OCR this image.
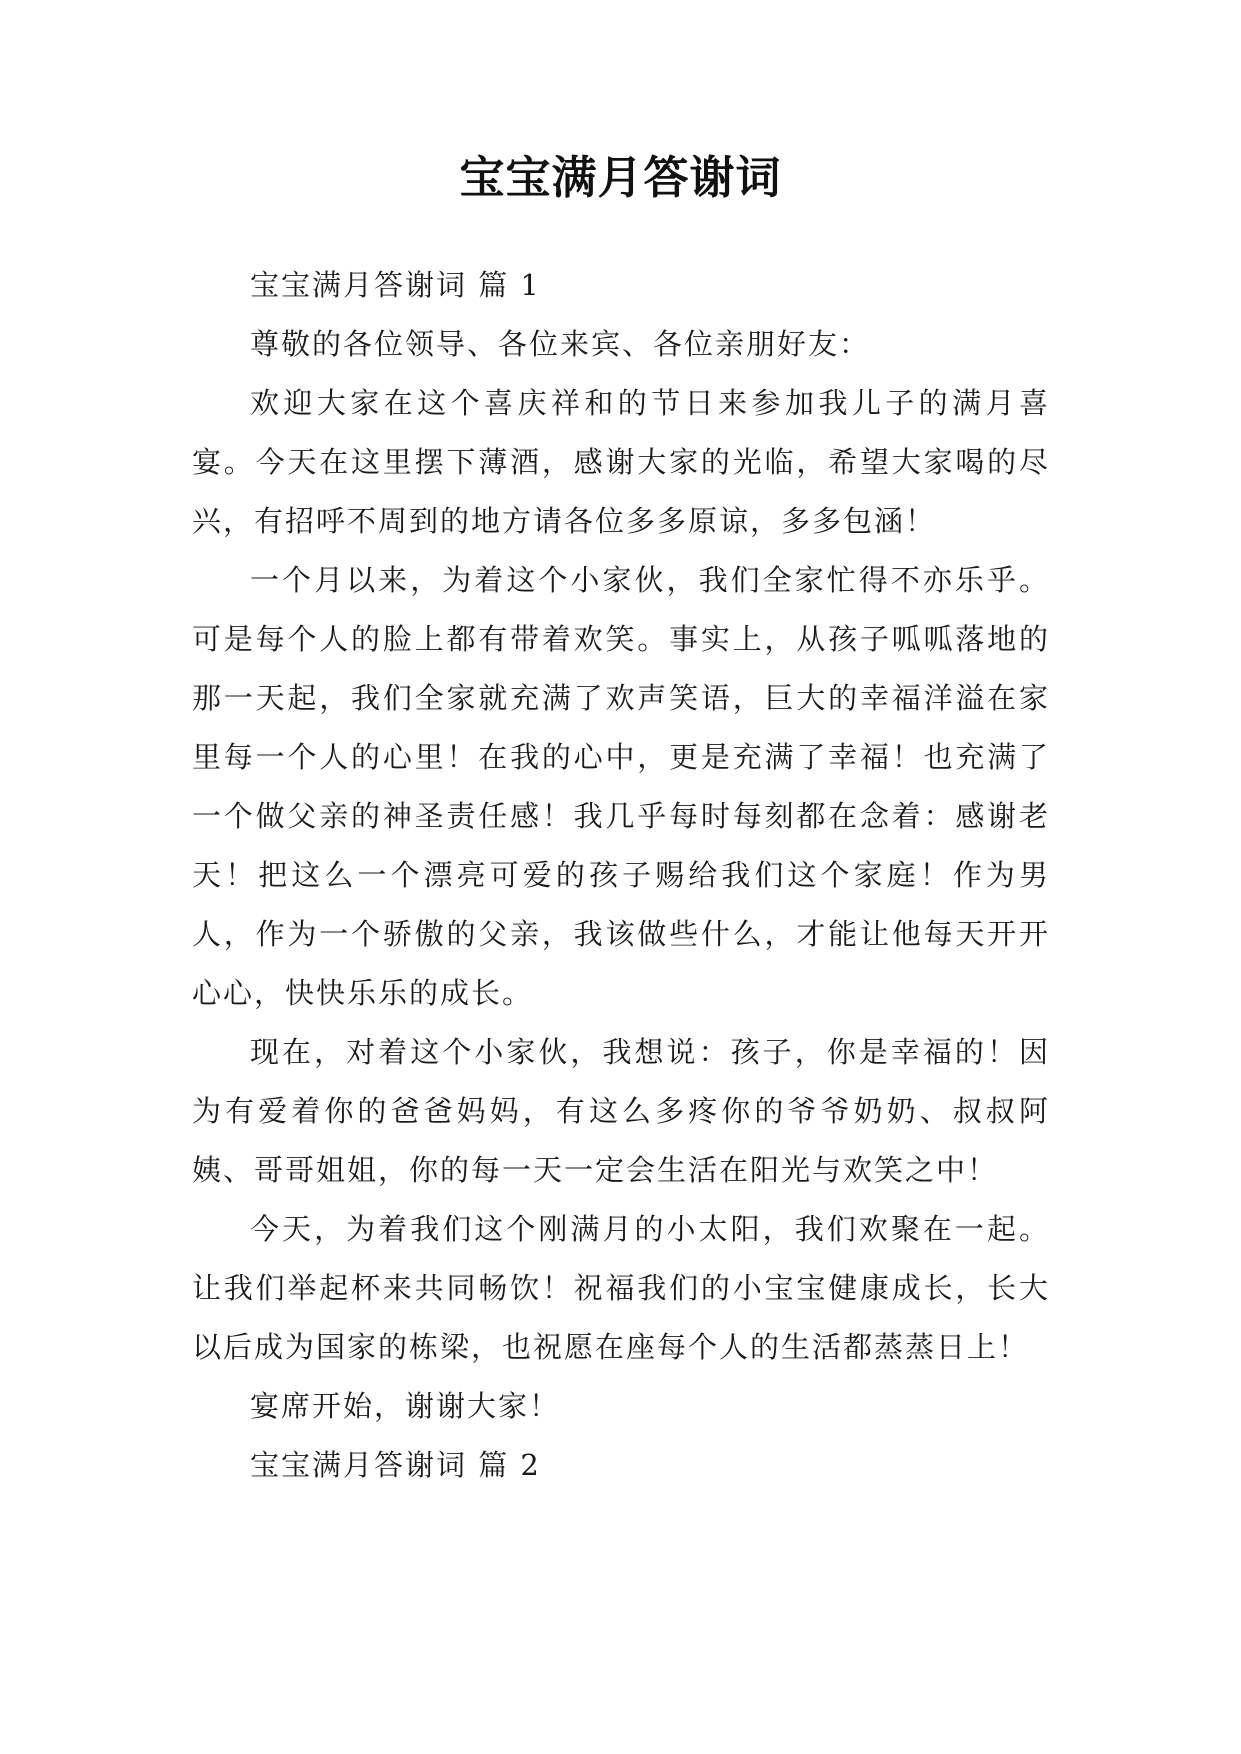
宝宝满月答谢词

宝宝满月答谢词 篇 1

尊敬的各位领导、各位来宾、各位亲朋好友：

欢迎大家在这个喜庆祥和的节日来参加我儿子的满月喜宴。今天在这里摆下薄酒，感谢大家的光临，希望大家喝的尽兴，有招呼不周到的地方请各位多多原谅，多多包涵！

一个月以来，为着这个小家伙，我们全家忙得不亦乐乎。可是每个人的脸上都有带着欢笑。事实上，从孩子呱呱落地的那一天起，我们全家就充满了欢声笑语，巨大的幸福洋溢在家里每一个人的心里！在我的心中，更是充满了幸福！也充满了一个做父亲的神圣责任感！我几乎每时每刻都在念着：感谢老天！把这么一个漂亮可爱的孩子赐给我们这个家庭！作为男人，作为一个骄傲的父亲，我该做些什么，才能让他每天开开心心，快快乐乐的成长。

现在，对着这个小家伙，我想说：孩子，你是幸福的！因为有爱着你的爸爸妈妈，有这么多疼你的爷爷奶奶、叔叔阿姨、哥哥姐姐，你的每一天一定会生活在阳光与欢笑之中！

今天，为着我们这个刚满月的小太阳，我们欢聚在一起。让我们举起杯来共同畅饮！祝福我们的小宝宝健康成长，长大以后成为国家的栋梁，也祝愿在座每个人的生活都蒸蒸日上！

宴席开始，谢谢大家！

宝宝满月答谢词 篇 2
